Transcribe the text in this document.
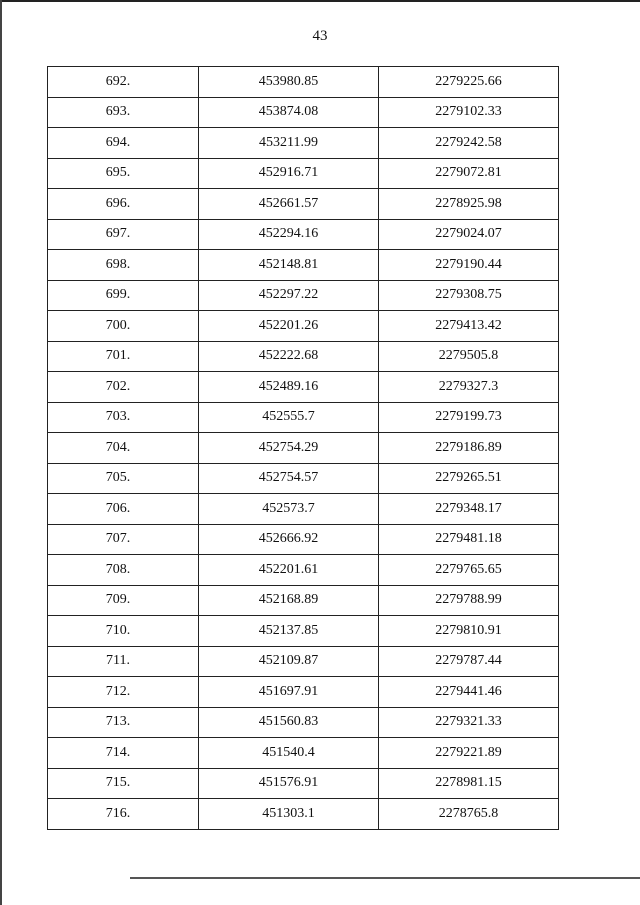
43
692.	453980.85	2279225.66
693.	453874.08	2279102.33
694.	453211.99	2279242.58
695.	452916.71	2279072.81
696.	452661.57	2278925.98
697.	452294.16	2279024.07
698.	452148.81	2279190.44
699.	452297.22	2279308.75
700.	452201.26	2279413.42
701.	452222.68	2279505.8
702.	452489.16	2279327.3
703.	452555.7	2279199.73
704.	452754.29	2279186.89
705.	452754.57	2279265.51
706.	452573.7	2279348.17
707.	452666.92	2279481.18
708.	452201.61	2279765.65
709.	452168.89	2279788.99
710.	452137.85	2279810.91
711.	452109.87	2279787.44
712.	451697.91	2279441.46
713.	451560.83	2279321.33
714.	451540.4	2279221.89
715.	451576.91	2278981.15
716.	451303.1	2278765.8
